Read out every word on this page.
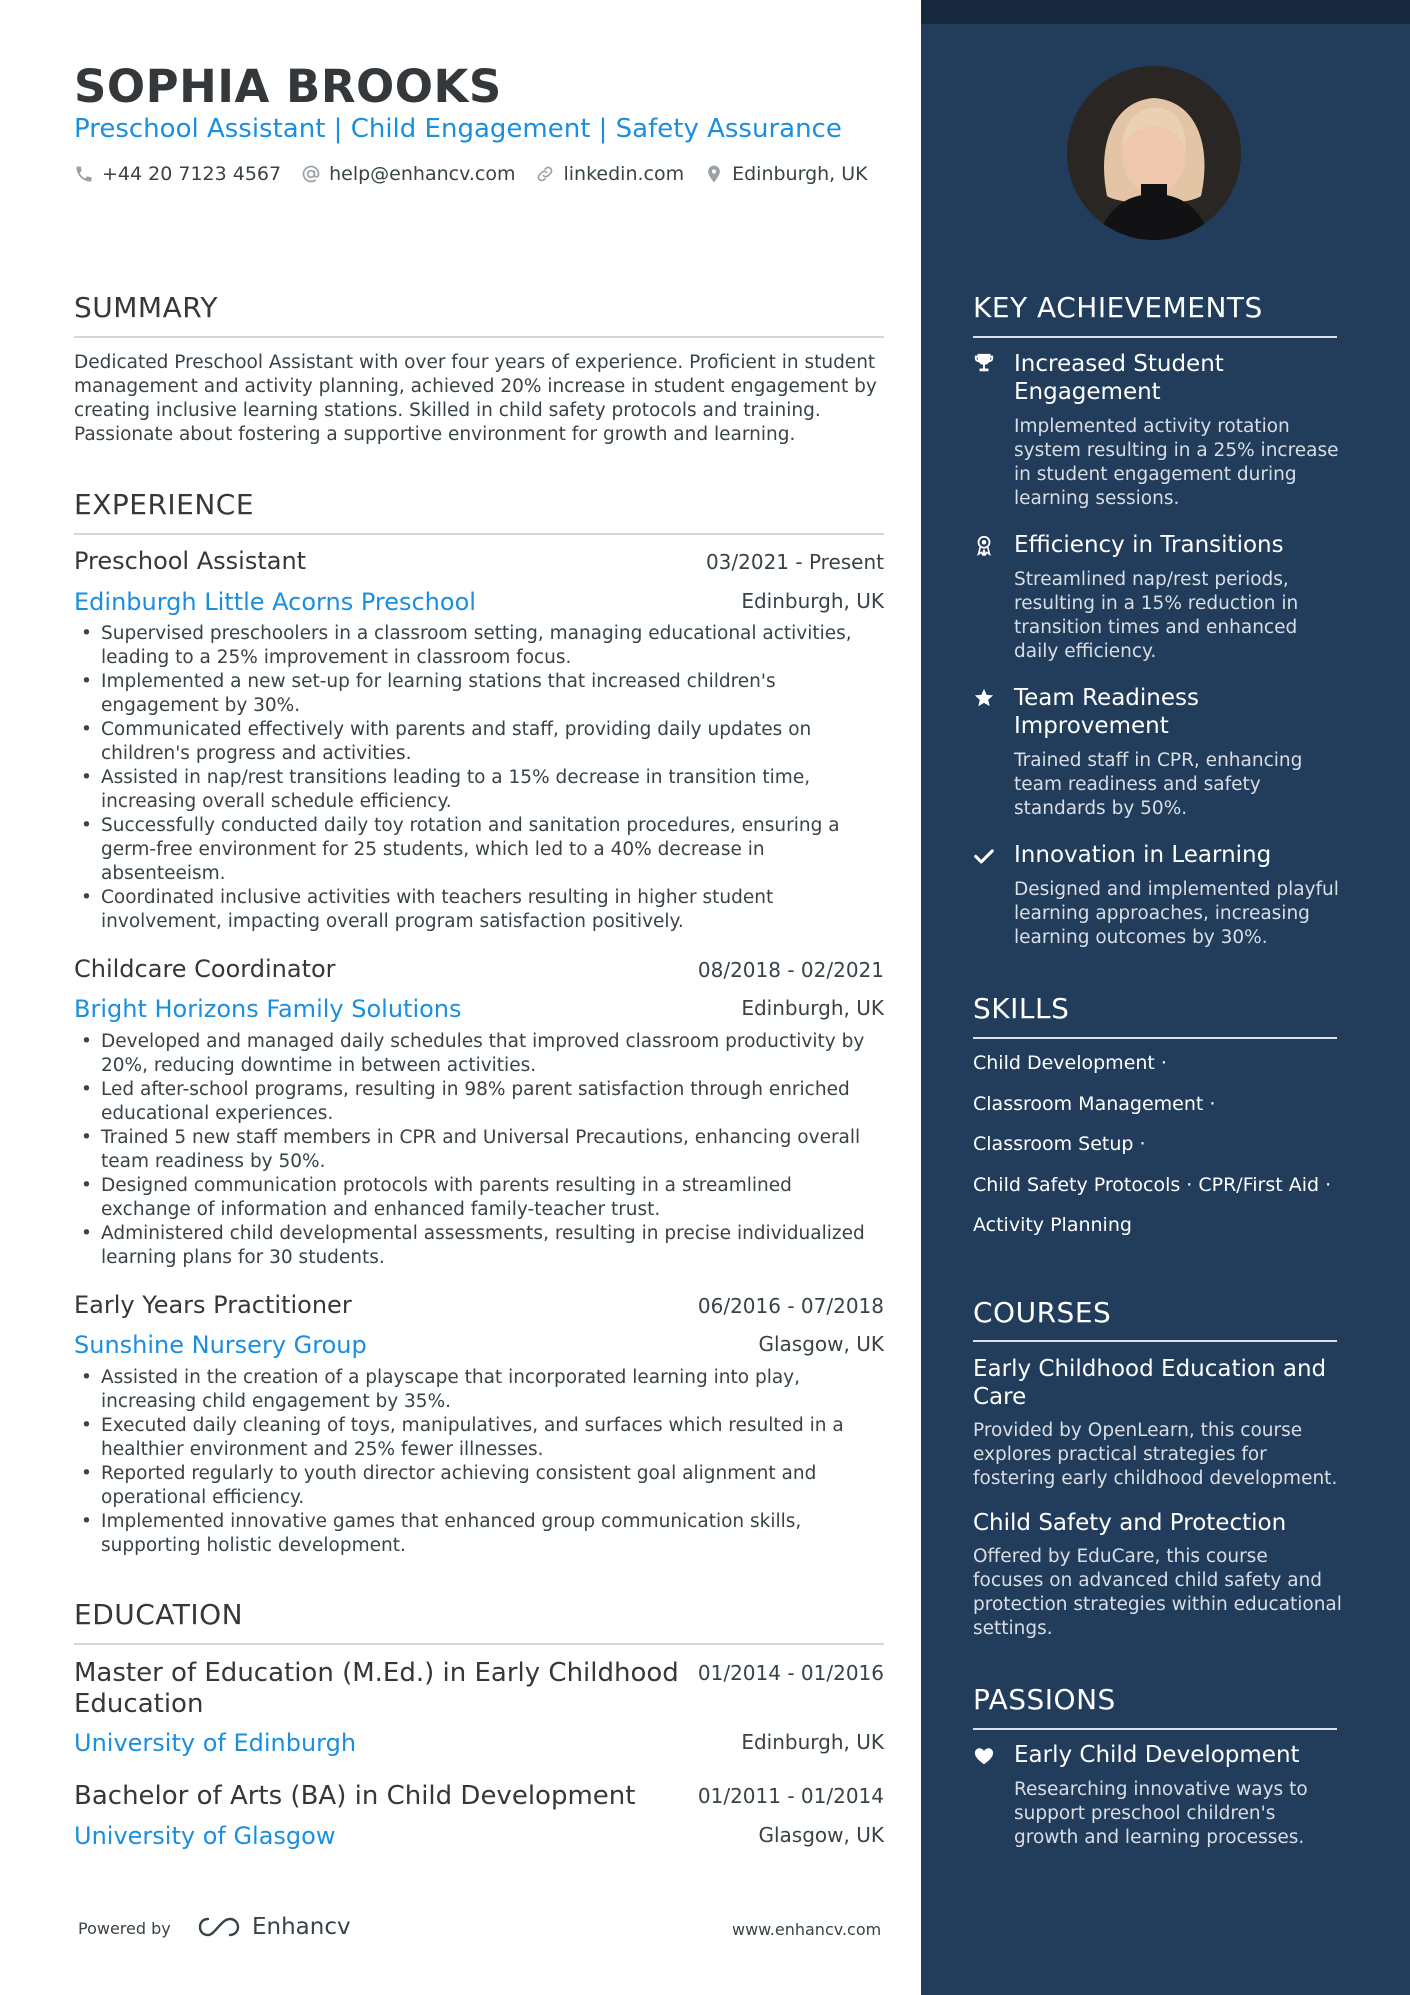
SOPHIA BROOKS
Preschool Assistant | Child Engagement | Safety Assurance
+44 20 7123 4567	help@enhancv.com	linkedin.com	Edinburgh, UK
SUMMARY
Dedicated Preschool Assistant with over four years of experience. Proficient in student management and activity planning, achieved 20% increase in student engagement by creating inclusive learning stations. Skilled in child safety protocols and training. Passionate about fostering a supportive environment for growth and learning.
EXPERIENCE
Preschool Assistant	03/2021 - Present
Edinburgh Little Acorns Preschool	Edinburgh, UK
• Supervised preschoolers in a classroom setting, managing educational activities, leading to a 25% improvement in classroom focus.
• Implemented a new set-up for learning stations that increased children's engagement by 30%.
• Communicated effectively with parents and staff, providing daily updates on children's progress and activities.
• Assisted in nap/rest transitions leading to a 15% decrease in transition time, increasing overall schedule efficiency.
• Successfully conducted daily toy rotation and sanitation procedures, ensuring a germ-free environment for 25 students, which led to a 40% decrease in absenteeism.
• Coordinated inclusive activities with teachers resulting in higher student involvement, impacting overall program satisfaction positively.
Childcare Coordinator	08/2018 - 02/2021
Bright Horizons Family Solutions	Edinburgh, UK
• Developed and managed daily schedules that improved classroom productivity by 20%, reducing downtime in between activities.
• Led after-school programs, resulting in 98% parent satisfaction through enriched educational experiences.
• Trained 5 new staff members in CPR and Universal Precautions, enhancing overall team readiness by 50%.
• Designed communication protocols with parents resulting in a streamlined exchange of information and enhanced family-teacher trust.
• Administered child developmental assessments, resulting in precise individualized learning plans for 30 students.
Early Years Practitioner	06/2016 - 07/2018
Sunshine Nursery Group	Glasgow, UK
• Assisted in the creation of a playscape that incorporated learning into play, increasing child engagement by 35%.
• Executed daily cleaning of toys, manipulatives, and surfaces which resulted in a healthier environment and 25% fewer illnesses.
• Reported regularly to youth director achieving consistent goal alignment and operational efficiency.
• Implemented innovative games that enhanced group communication skills, supporting holistic development.
EDUCATION
Master of Education (M.Ed.) in Early Childhood Education
01/2014 - 01/2016
University of Edinburgh	Edinburgh, UK
Bachelor of Arts (BA) in Child Development	01/2011 - 01/2014
University of Glasgow	Glasgow, UK
Powered by	Enhancv	www.enhancv.com
KEY ACHIEVEMENTS
Increased Student Engagement
Implemented activity rotation system resulting in a 25% increase in student engagement during learning sessions.
Efficiency in Transitions
Streamlined nap/rest periods, resulting in a 15% reduction in transition times and enhanced daily efficiency.
Team Readiness Improvement
Trained staff in CPR, enhancing team readiness and safety standards by 50%.
Innovation in Learning
Designed and implemented playful learning approaches, increasing learning outcomes by 30%.
SKILLS
Child Development ·
Classroom Management ·
Classroom Setup ·
Child Safety Protocols · CPR/First Aid ·
Activity Planning
COURSES
Early Childhood Education and Care
Provided by OpenLearn, this course explores practical strategies for fostering early childhood development.
Child Safety and Protection
Offered by EduCare, this course focuses on advanced child safety and protection strategies within educational settings.
PASSIONS
Early Child Development
Researching innovative ways to support preschool children's growth and learning processes.
